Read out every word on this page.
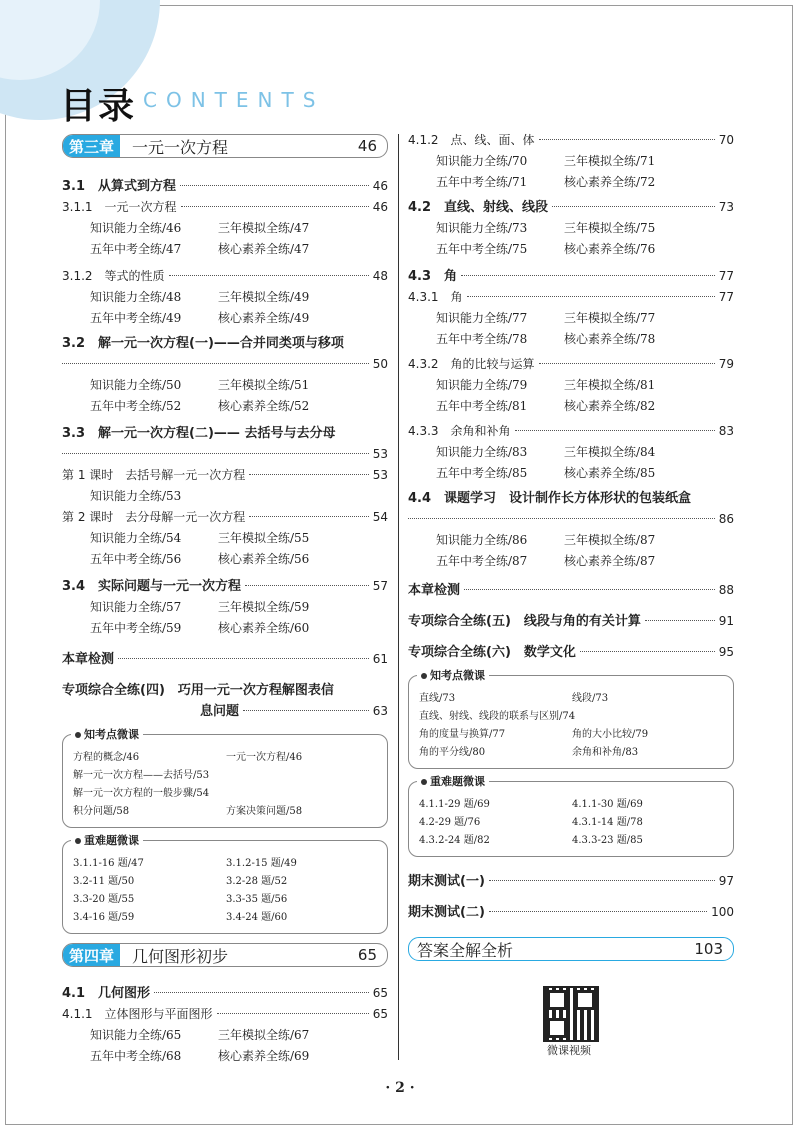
目录 CONTENTS
第三章	一元一次方程	46
3.1　从算式到方程	46
3.1.1　一元一次方程	46
知识能力全练/46	三年模拟全练/47
五年中考全练/47	核心素养全练/47
3.1.2　等式的性质	48
知识能力全练/48	三年模拟全练/49
五年中考全练/49	核心素养全练/49
3.2　解一元一次方程(一)——合并同类项与移项
50
知识能力全练/50	三年模拟全练/51
五年中考全练/52	核心素养全练/52
3.3　解一元一次方程(二)—— 去括号与去分母
53
第 1 课时　去括号解一元一次方程	53
知识能力全练/53
第 2 课时　去分母解一元一次方程	54
知识能力全练/54	三年模拟全练/55
五年中考全练/56	核心素养全练/56
3.4　实际问题与一元一次方程	57
知识能力全练/57	三年模拟全练/59
五年中考全练/59	核心素养全练/60
本章检测	61
专项综合全练(四)　巧用一元一次方程解图表信
息问题	63
知考点微课
方程的概念/46	一元一次方程/46
解一元一次方程——去括号/53
解一元一次方程的一般步骤/54
积分问题/58	方案决策问题/58
重难题微课
3.1.1-16 题/47	3.1.2-15 题/49
3.2-11 题/50	3.2-28 题/52
3.3-20 题/55	3.3-35 题/56
3.4-16 题/59	3.4-24 题/60
第四章	几何图形初步	65
4.1　几何图形	65
4.1.1　立体图形与平面图形	65
知识能力全练/65	三年模拟全练/67
五年中考全练/68	核心素养全练/69
4.1.2　点、线、面、体	70
知识能力全练/70	三年模拟全练/71
五年中考全练/71	核心素养全练/72
4.2　直线、射线、线段	73
知识能力全练/73	三年模拟全练/75
五年中考全练/75	核心素养全练/76
4.3　角	77
4.3.1　角	77
知识能力全练/77	三年模拟全练/77
五年中考全练/78	核心素养全练/78
4.3.2　角的比较与运算	79
知识能力全练/79	三年模拟全练/81
五年中考全练/81	核心素养全练/82
4.3.3　余角和补角	83
知识能力全练/83	三年模拟全练/84
五年中考全练/85	核心素养全练/85
4.4　课题学习　设计制作长方体形状的包装纸盒
86
知识能力全练/86	三年模拟全练/87
五年中考全练/87	核心素养全练/87
本章检测	88
专项综合全练(五)　线段与角的有关计算	91
专项综合全练(六)　数学文化	95
知考点微课
直线/73	线段/73
直线、射线、线段的联系与区别/74
角的度量与换算/77	角的大小比较/79
角的平分线/80	余角和补角/83
重难题微课
4.1.1-29 题/69	4.1.1-30 题/69
4.2-29 题/76	4.3.1-14 题/78
4.3.2-24 题/82	4.3.3-23 题/85
期末测试(一)	97
期末测试(二)	100
答案全解全析	103
微课视频
· 2 ·
